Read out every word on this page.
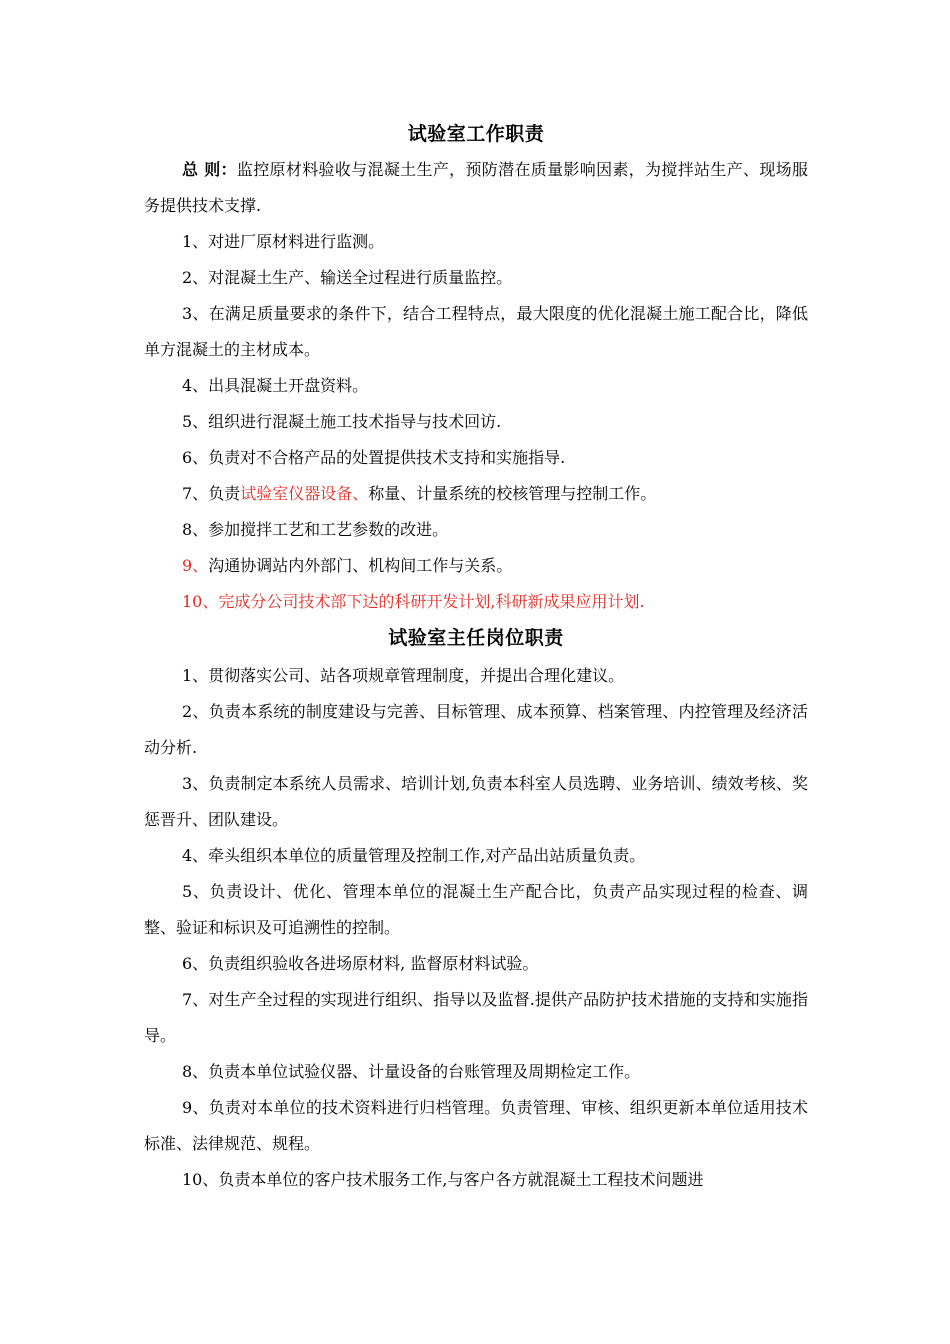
试验室工作职责

总 则：监控原材料验收与混凝土生产，预防潜在质量影响因素，为搅拌站生产、现场服务提供技术支撑.

1、对进厂原材料进行监测。

2、对混凝土生产、输送全过程进行质量监控。

3、在满足质量要求的条件下，结合工程特点，最大限度的优化混凝土施工配合比，降低单方混凝土的主材成本。

4、出具混凝土开盘资料。

5、组织进行混凝土施工技术指导与技术回访.

6、负责对不合格产品的处置提供技术支持和实施指导.

7、负责试验室仪器设备、称量、计量系统的校核管理与控制工作。

8、参加搅拌工艺和工艺参数的改进。

9、沟通协调站内外部门、机构间工作与关系。

10、完成分公司技术部下达的科研开发计划,科研新成果应用计划.

试验室主任岗位职责

1、贯彻落实公司、站各项规章管理制度，并提出合理化建议。

2、负责本系统的制度建设与完善、目标管理、成本预算、档案管理、内控管理及经济活动分析.

3、负责制定本系统人员需求、培训计划,负责本科室人员选聘、业务培训、绩效考核、奖惩晋升、团队建设。

4、牵头组织本单位的质量管理及控制工作,对产品出站质量负责。

5、负责设计、优化、管理本单位的混凝土生产配合比，负责产品实现过程的检查、调整、验证和标识及可追溯性的控制。

6、负责组织验收各进场原材料, 监督原材料试验。

7、对生产全过程的实现进行组织、指导以及监督.提供产品防护技术措施的支持和实施指导。

8、负责本单位试验仪器、计量设备的台账管理及周期检定工作。

9、负责对本单位的技术资料进行归档管理。负责管理、审核、组织更新本单位适用技术标准、法律规范、规程。

10、负责本单位的客户技术服务工作,与客户各方就混凝土工程技术问题进
